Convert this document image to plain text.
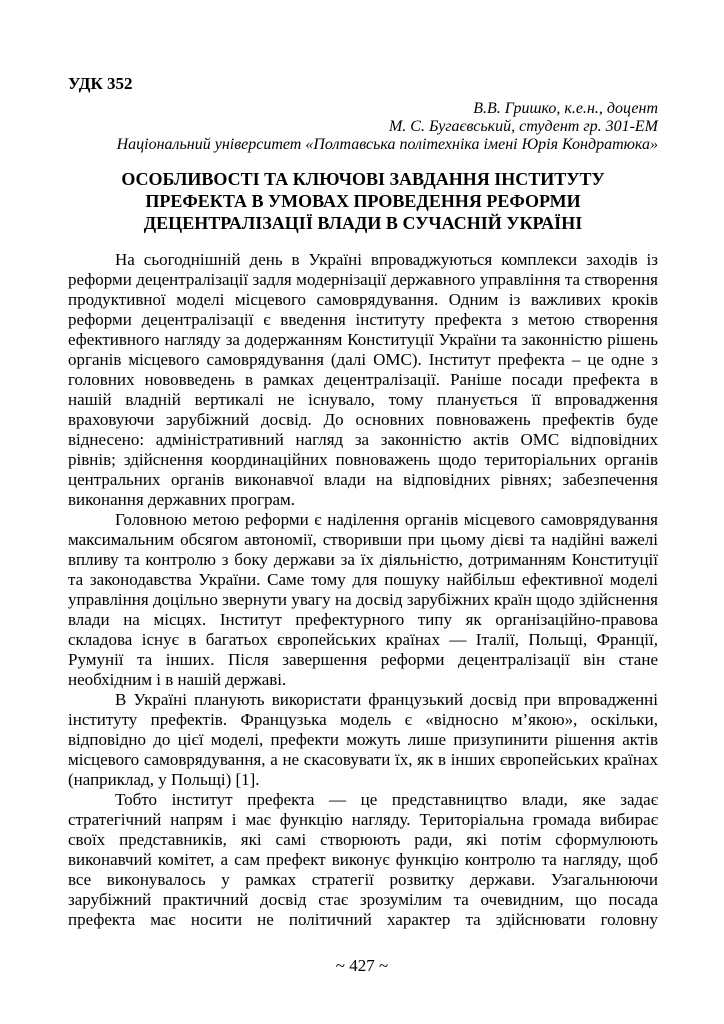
УДК 352
В.В. Гришко, к.е.н., доцент
М. С. Бугаєвський, студент гр. 301-ЕМ
Національний університет «Полтавська політехніка імені Юрія Кондратюка»
ОСОБЛИВОСТІ ТА КЛЮЧОВІ ЗАВДАННЯ ІНСТИТУТУ
ПРЕФЕКТА В УМОВАХ ПРОВЕДЕННЯ РЕФОРМИ
ДЕЦЕНТРАЛІЗАЦІЇ ВЛАДИ В СУЧАСНІЙ УКРАЇНІ

На сьогоднішній день в Україні впроваджуються комплекси заходів із реформи децентралізації задля модернізації державного управління та створення продуктивної моделі місцевого самоврядування. Одним із важливих кроків реформи децентралізації є введення інституту префекта з метою створення ефективного нагляду за додержанням Конституції України та законністю рішень органів місцевого самоврядування (далі ОМС). Інститут префекта – це одне з головних нововведень в рамках децентралізації. Раніше посади префекта в нашій владній вертикалі не існувало, тому планується її впровадження враховуючи зарубіжний досвід. До основних повноважень префектів буде віднесено: адміністративний нагляд за законністю актів ОМС відповідних рівнів; здійснення координаційних повноважень щодо територіальних органів центральних органів виконавчої влади на відповідних рівнях; забезпечення виконання державних програм.

Головною метою реформи є наділення органів місцевого самоврядування максимальним обсягом автономії, створивши при цьому дієві та надійні важелі впливу та контролю з боку держави за їх діяльністю, дотриманням Конституції та законодавства України. Саме тому для пошуку найбільш ефективної моделі управління доцільно звернути увагу на досвід зарубіжних країн щодо здійснення влади на місцях. Інститут префектурного типу як організаційно-правова складова існує в багатьох європейських країнах — Італії, Польщі, Франції, Румунії та інших. Після завершення реформи децентралізації він стане необхідним і в нашій державі.

В Україні планують використати французький досвід при впровадженні інституту префектів. Французька модель є «відносно м’якою», оскільки, відповідно до цієї моделі, префекти можуть лише призупинити рішення актів місцевого самоврядування, а не скасовувати їх, як в інших європейських країнах (наприклад, у Польщі) [1].

Тобто інститут префекта — це представництво влади, яке задає стратегічний напрям і має функцію нагляду. Територіальна громада вибирає своїх представників, які самі створюють ради, які потім сформулюють виконавчий комітет, а сам префект виконує функцію контролю та нагляду, щоб все виконувалось у рамках стратегії розвитку держави. Узагальнюючи зарубіжний практичний досвід стає зрозумілим та очевидним, що посада префекта має носити не політичний характер та здійснювати головну

~ 427 ~
